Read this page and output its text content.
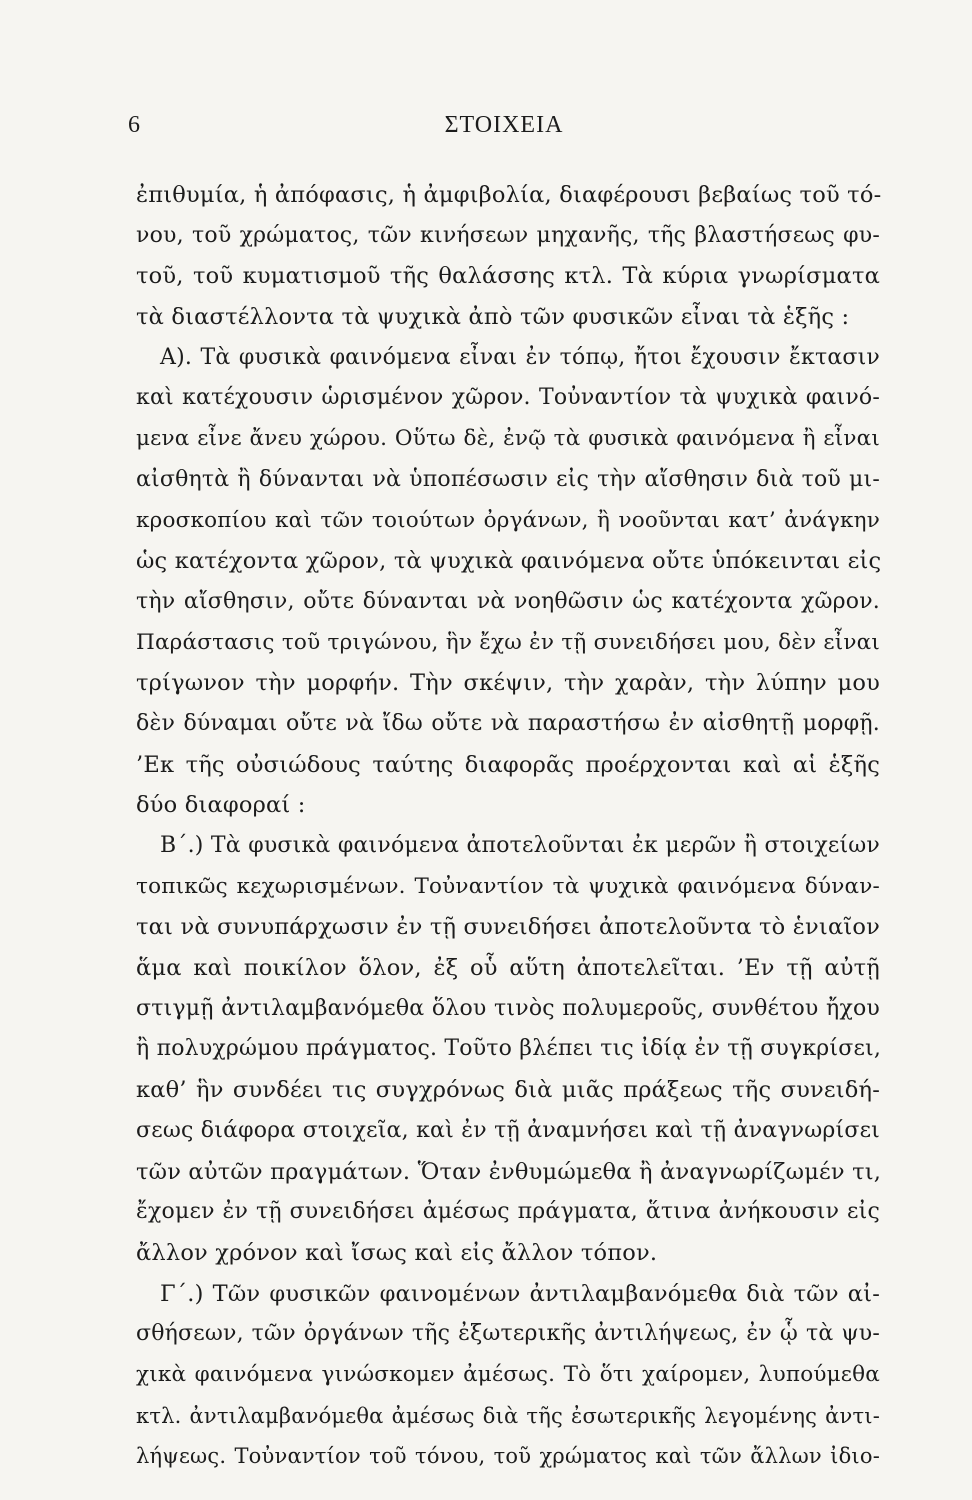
6	ΣΤΟΙΧΕΙΑ
ἐπιθυμία, ἡ ἀπόφασις, ἡ ἀμφιβολία, διαφέρουσι βεβαίως τοῦ τό-
νου, τοῦ χρώματος, τῶν κινήσεων μηχανῆς, τῆς βλαστήσεως φυ-
τοῦ, τοῦ κυματισμοῦ τῆς θαλάσσης κτλ. Τὰ κύρια γνωρίσματα
τὰ διαστέλλοντα τὰ ψυχικὰ ἀπὸ τῶν φυσικῶν εἶναι τὰ ἑξῆς :
Α). Τὰ φυσικὰ φαινόμενα εἶναι ἐν τόπῳ, ἤτοι ἔχουσιν ἔκτασιν
καὶ κατέχουσιν ὡρισμένον χῶρον. Τοὐναντίον τὰ ψυχικὰ φαινό-
μενα εἶνε ἄνευ χώρου. Οὕτω δὲ, ἐνῷ τὰ φυσικὰ φαινόμενα ἢ εἶναι
αἰσθητὰ ἢ δύνανται νὰ ὑποπέσωσιν εἰς τὴν αἴσθησιν διὰ τοῦ μι-
κροσκοπίου καὶ τῶν τοιούτων ὀργάνων, ἢ νοοῦνται κατ’ ἀνάγκην
ὡς κατέχοντα χῶρον, τὰ ψυχικὰ φαινόμενα οὔτε ὑπόκεινται εἰς
τὴν αἴσθησιν, οὔτε δύνανται νὰ νοηθῶσιν ὡς κατέχοντα χῶρον.
Παράστασις τοῦ τριγώνου, ἣν ἔχω ἐν τῇ συνειδήσει μου, δὲν εἶναι
τρίγωνον τὴν μορφήν. Τὴν σκέψιν, τὴν χαρὰν, τὴν λύπην μου
δὲν δύναμαι οὔτε νὰ ἴδω οὔτε νὰ παραστήσω ἐν αἰσθητῇ μορφῇ.
’Εκ τῆς οὐσιώδους ταύτης διαφορᾶς προέρχονται καὶ αἱ ἑξῆς
δύο διαφοραί :
Β΄.) Τὰ φυσικὰ φαινόμενα ἀποτελοῦνται ἐκ μερῶν ἢ στοιχείων
τοπικῶς κεχωρισμένων. Τοὐναντίον τὰ ψυχικὰ φαινόμενα δύναν-
ται νὰ συνυπάρχωσιν ἐν τῇ συνειδήσει ἀποτελοῦντα τὸ ἑνιαῖον
ἅμα καὶ ποικίλον ὅλον, ἐξ οὗ αὕτη ἀποτελεῖται. ’Εν τῇ αὐτῇ
στιγμῇ ἀντιλαμβανόμεθα ὅλου τινὸς πολυμεροῦς, συνθέτου ἤχου
ἢ πολυχρώμου πράγματος. Τοῦτο βλέπει τις ἰδίᾳ ἐν τῇ συγκρίσει,
καθ’ ἣν συνδέει τις συγχρόνως διὰ μιᾶς πράξεως τῆς συνειδή-
σεως διάφορα στοιχεῖα, καὶ ἐν τῇ ἀναμνήσει καὶ τῇ ἀναγνωρίσει
τῶν αὐτῶν πραγμάτων. Ὅταν ἐνθυμώμεθα ἢ ἀναγνωρίζωμέν τι,
ἔχομεν ἐν τῇ συνειδήσει ἀμέσως πράγματα, ἅτινα ἀνήκουσιν εἰς
ἄλλον χρόνον καὶ ἴσως καὶ εἰς ἄλλον τόπον.
Γ΄.) Τῶν φυσικῶν φαινομένων ἀντιλαμβανόμεθα διὰ τῶν αἰ-
σθήσεων, τῶν ὀργάνων τῆς ἐξωτερικῆς ἀντιλήψεως, ἐν ᾧ τὰ ψυ-
χικὰ φαινόμενα γινώσκομεν ἀμέσως. Τὸ ὅτι χαίρομεν, λυπούμεθα
κτλ. ἀντιλαμβανόμεθα ἀμέσως διὰ τῆς ἐσωτερικῆς λεγομένης ἀντι-
λήψεως. Τοὐναντίον τοῦ τόνου, τοῦ χρώματος καὶ τῶν ἄλλων ἰδιο-
